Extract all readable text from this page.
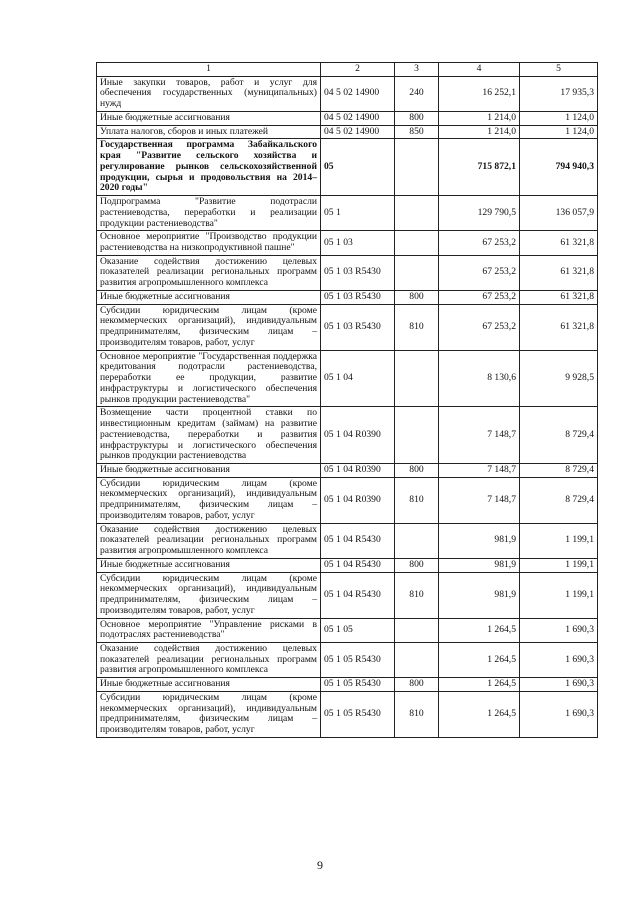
1	2	3	4	5
Иные закупки товаров, работ и услуг для обеспечения государственных (муниципальных) нужд	04 5 02 14900	240	16 252,1	17 935,3
Иные бюджетные ассигнования	04 5 02 14900	800	1 214,0	1 124,0
Уплата налогов, сборов и иных платежей	04 5 02 14900	850	1 214,0	1 124,0
Государственная программа Забайкальского края "Развитие сельского хозяйства и регулирование рынков сельскохозяйственной продукции, сырья и продовольствия на 2014–2020 годы"	05		715 872,1	794 940,3
Подпрограмма "Развитие подотрасли растениеводства, переработки и реализации продукции растениеводства"	05 1		129 790,5	136 057,9
Основное мероприятие "Производство продукции растениеводства на низкопродуктивной пашне"	05 1 03		67 253,2	61 321,8
Оказание содействия достижению целевых показателей реализации региональных программ развития агропромышленного комплекса	05 1 03 R5430		67 253,2	61 321,8
Иные бюджетные ассигнования	05 1 03 R5430	800	67 253,2	61 321,8
Субсидии юридическим лицам (кроме некоммерческих организаций), индивидуальным предпринимателям, физическим лицам – производителям товаров, работ, услуг	05 1 03 R5430	810	67 253,2	61 321,8
Основное мероприятие "Государственная поддержка кредитования подотрасли растениеводства, переработки ее продукции, развитие инфраструктуры и логистического обеспечения рынков продукции растениеводства"	05 1 04		8 130,6	9 928,5
Возмещение части процентной ставки по инвестиционным кредитам (займам) на развитие растениеводства, переработки и развития инфраструктуры и логистического обеспечения рынков продукции растениеводства	05 1 04 R0390		7 148,7	8 729,4
Иные бюджетные ассигнования	05 1 04 R0390	800	7 148,7	8 729,4
Субсидии юридическим лицам (кроме некоммерческих организаций), индивидуальным предпринимателям, физическим лицам – производителям товаров, работ, услуг	05 1 04 R0390	810	7 148,7	8 729,4
Оказание содействия достижению целевых показателей реализации региональных программ развития агропромышленного комплекса	05 1 04 R5430		981,9	1 199,1
Иные бюджетные ассигнования	05 1 04 R5430	800	981,9	1 199,1
Субсидии юридическим лицам (кроме некоммерческих организаций), индивидуальным предпринимателям, физическим лицам – производителям товаров, работ, услуг	05 1 04 R5430	810	981,9	1 199,1
Основное мероприятие "Управление рисками в подотраслях растениеводства"	05 1 05		1 264,5	1 690,3
Оказание содействия достижению целевых показателей реализации региональных программ развития агропромышленного комплекса	05 1 05 R5430		1 264,5	1 690,3
Иные бюджетные ассигнования	05 1 05 R5430	800	1 264,5	1 690,3
Субсидии юридическим лицам (кроме некоммерческих организаций), индивидуальным предпринимателям, физическим лицам – производителям товаров, работ, услуг	05 1 05 R5430	810	1 264,5	1 690,3
9
